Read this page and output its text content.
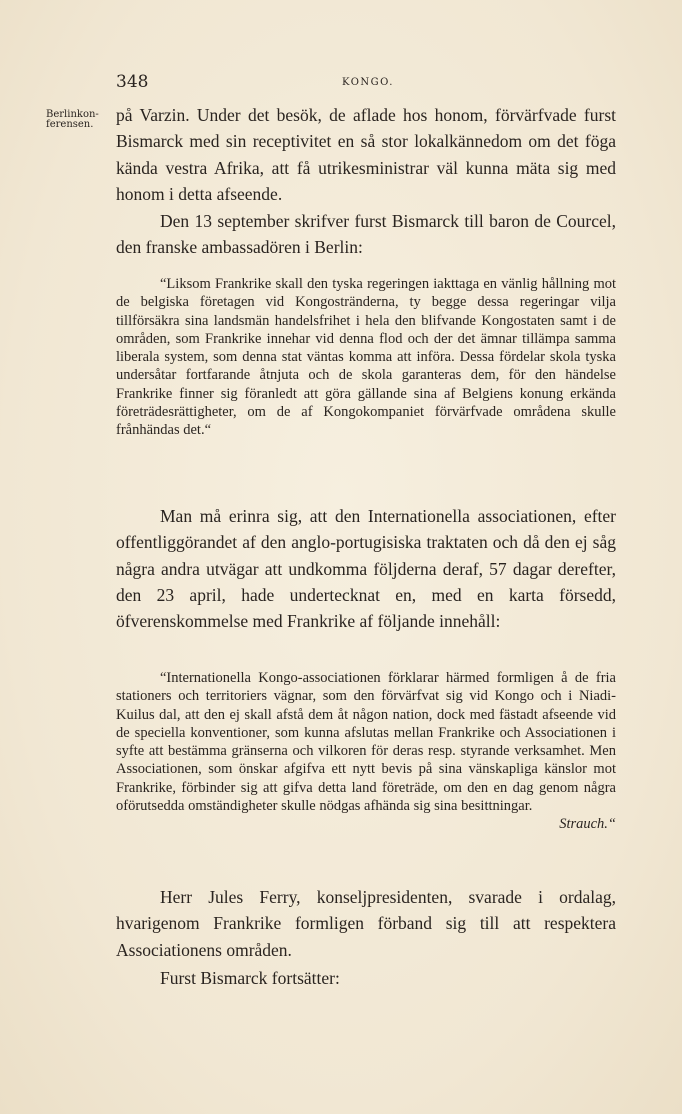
348	KONGO.
Berlinkon-
ferensen.	på Varzin. Under det besök, de aflade hos honom, förvärfvade furst Bismarck med sin receptivitet en så stor lokalkännedom om det föga kända vestra Afrika, att få utrikesministrar väl kunna mäta sig med honom i detta afseende.

Den 13 september skrifver furst Bismarck till baron de Courcel, den franske ambassadören i Berlin:

“Liksom Frankrike skall den tyska regeringen iakttaga en vänlig hållning mot de belgiska företagen vid Kongostränderna, ty begge dessa regeringar vilja tillförsäkra sina landsmän handelsfrihet i hela den blifvande Kongostaten samt i de områden, som Frankrike innehar vid denna flod och der det ämnar tillämpa samma liberala system, som denna stat väntas komma att införa. Dessa fördelar skola tyska undersåtar fortfarande åtnjuta och de skola garanteras dem, för den händelse Frankrike finner sig föranledt att göra gällande sina af Belgiens konung erkända företrädesrättigheter, om de af Kongokompaniet förvärfvade områdena skulle frånhändas det.“

Man må erinra sig, att den Internationella associationen, efter offentliggörandet af den anglo-portugisiska traktaten och då den ej såg några andra utvägar att undkomma följderna deraf, 57 dagar derefter, den 23 april, hade undertecknat en, med en karta försedd, öfverenskommelse med Frankrike af följande innehåll:

“Internationella Kongo-associationen förklarar härmed formligen å de fria stationers och territoriers vägnar, som den förvärfvat sig vid Kongo och i Niadi-Kuilus dal, att den ej skall afstå dem åt någon nation, dock med fästadt afseende vid de speciella konventioner, som kunna afslutas mellan Frankrike och Associationen i syfte att bestämma gränserna och vilkoren för deras resp. styrande verksamhet. Men Associationen, som önskar afgifva ett nytt bevis på sina vänskapliga känslor mot Frankrike, förbinder sig att gifva detta land företräde, om den en dag genom några oförutsedda omständigheter skulle nödgas afhända sig sina besittningar.
Strauch.“

Herr Jules Ferry, konseljpresidenten, svarade i ordalag, hvarigenom Frankrike formligen förband sig till att respektera Associationens områden.

Furst Bismarck fortsätter:
